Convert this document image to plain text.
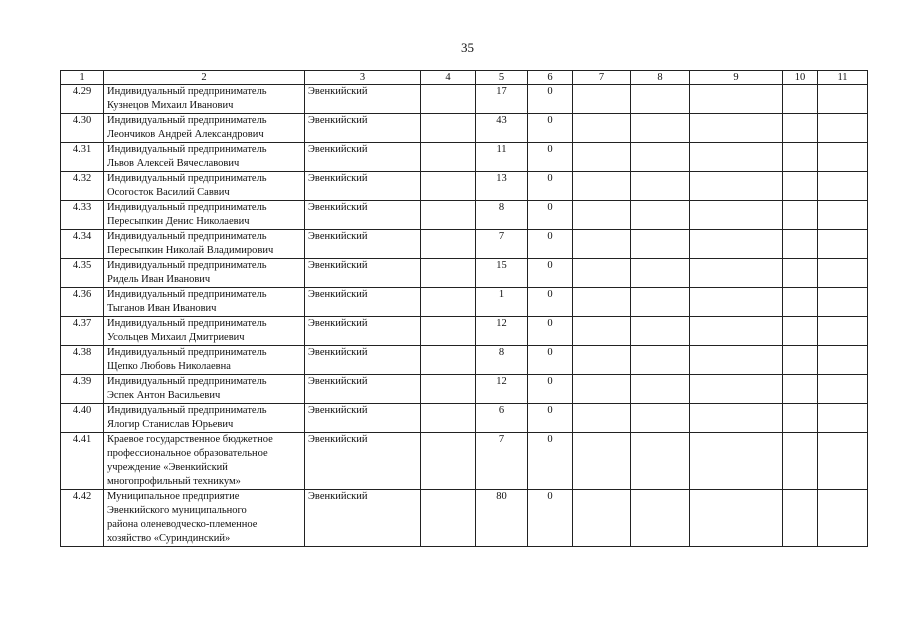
35
1	2	3	4	5	6	7	8	9	10	11
4.29	Индивидуальный предприниматель
Кузнецов Михаил Иванович	Эвенкийский		17	0					
4.30	Индивидуальный предприниматель
Леончиков Андрей Александрович	Эвенкийский		43	0					
4.31	Индивидуальный предприниматель
Львов Алексей Вячеславович	Эвенкийский		11	0					
4.32	Индивидуальный предприниматель
Осогосток Василий Саввич	Эвенкийский		13	0					
4.33	Индивидуальный предприниматель
Пересыпкин Денис Николаевич	Эвенкийский		8	0					
4.34	Индивидуальный предприниматель
Пересыпкин Николай Владимирович	Эвенкийский		7	0					
4.35	Индивидуальный предприниматель
Ридель Иван Иванович	Эвенкийский		15	0					
4.36	Индивидуальный предприниматель
Тыганов Иван Иванович	Эвенкийский		1	0					
4.37	Индивидуальный предприниматель
Усольцев Михаил Дмитриевич	Эвенкийский		12	0					
4.38	Индивидуальный предприниматель
Щепко Любовь Николаевна	Эвенкийский		8	0					
4.39	Индивидуальный предприниматель
Эспек Антон Васильевич	Эвенкийский		12	0					
4.40	Индивидуальный предприниматель
Ялогир Станислав Юрьевич	Эвенкийский		6	0					
4.41	Краевое государственное бюджетное
профессиональное образовательное
учреждение «Эвенкийский
многопрофильный техникум»	Эвенкийский		7	0					
4.42	Муниципальное предприятие
Эвенкийского муниципального
района оленеводческо-племенное
хозяйство «Суриндинский»	Эвенкийский		80	0					
